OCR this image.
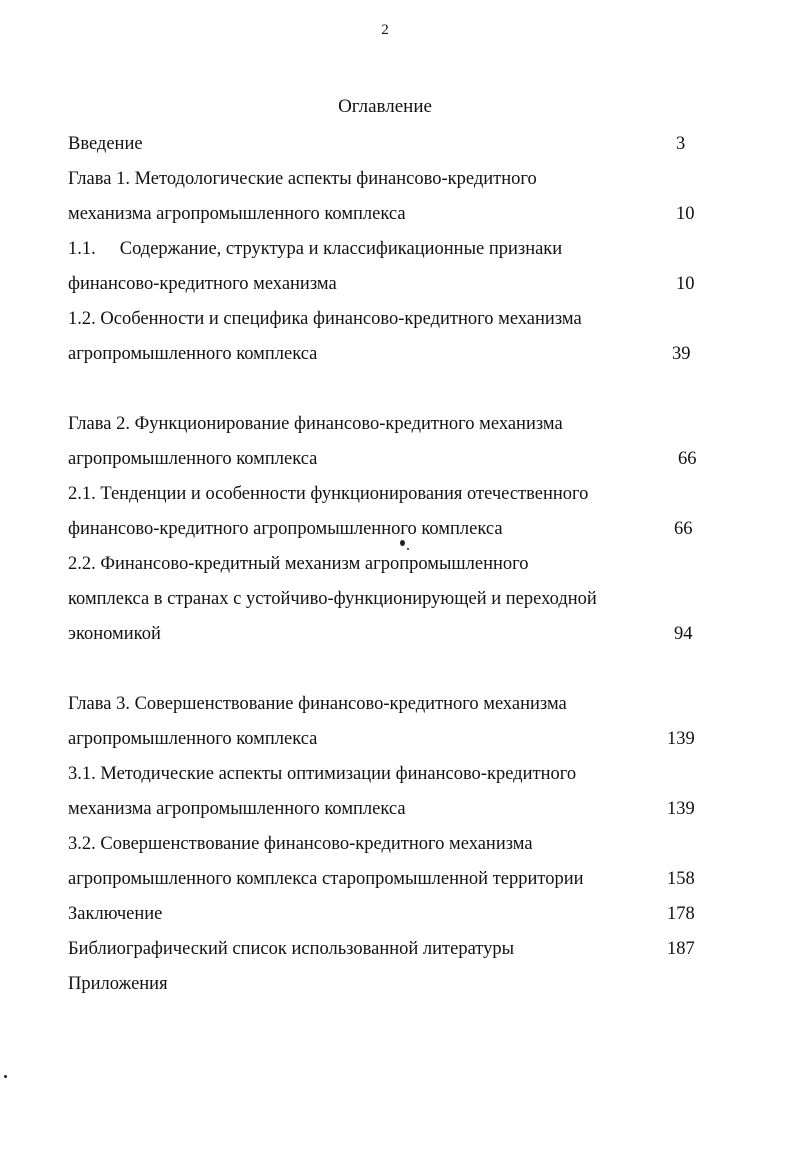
2
Оглавление
Введение	3
Глава 1. Методологические аспекты финансово-кредитного
механизма агропромышленного комплекса	10
1.1. Содержание, структура и классификационные признаки
финансово-кредитного механизма	10
1.2. Особенности и специфика финансово-кредитного механизма
агропромышленного комплекса	39
Глава 2. Функционирование финансово-кредитного механизма
агропромышленного комплекса	66
2.1. Тенденции и особенности функционирования отечественного
финансово-кредитного агропромышленного комплекса	66
2.2. Финансово-кредитный механизм агропромышленного
комплекса в странах с устойчиво-функционирующей и переходной
экономикой	94
Глава 3. Совершенствование финансово-кредитного механизма
агропромышленного комплекса	139
3.1. Методические аспекты оптимизации финансово-кредитного
механизма агропромышленного комплекса	139
3.2. Совершенствование финансово-кредитного механизма
агропромышленного комплекса старопромышленной территории	158
Заключение	178
Библиографический список использованной литературы	187
Приложения
